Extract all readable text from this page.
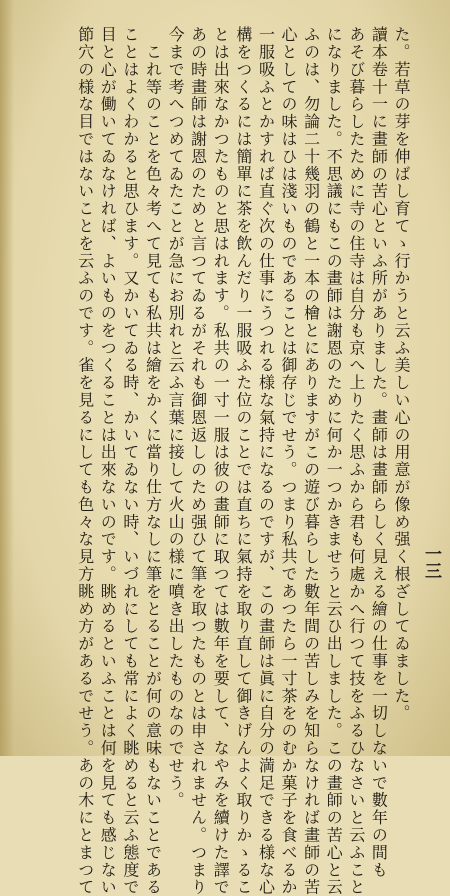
た。若草の芽を伸ばし育てゝ行かうと云ふ美しい心の用意が像め强く根ざしてゐました。
讀本卷十一に畫師の苦心といふ所がありました。畫師は畫師らしく見える繪の仕事を一切しないで數年の間も
あそび暮らしたために寺の住寺は自分も京へ上りたく思ふから君も何處かへ行つて技をふるひなさいと云ふこと
になりました。不思議にもこの畫師は謝恩のために何か一つかきませうと云ひ出しました。この畫師の苦心と云
ふのは、勿論二十幾羽の鶴と一本の檜とにありますがこの遊び暮らした數年間の苦しみを知らなければ畫師の苦
心としての味はひは淺いものであることは御存じでせう。つまり私共であつたら一寸茶をのむか菓子を食べるか
一服吸ふとかすれば直ぐ次の仕事にうつれる様な氣持になるのですが、この畫師は眞に自分の満足できる様な心
構をつくるには簡單に茶を飲んだり一服吸ふた位のことでは直ちに氣持を取り直して御きげんよく取りかゝるこ
とは出來なかつたものと思はれます。私共の一寸一服は彼の畫師に取つては數年を要して、なやみを續けた譯で
あの時畫師は謝恩のためと言つてゐるがそれも御恩返しのため强ひて筆を取つたものとは申されません。つまり
今まで考へつめてゐたことが急にお別れと云ふ言葉に接して火山の様に噴き出したものなのでせう。
　これ等のことを色々考へて見ても私共は繪をかくに當り仕方なしに筆をとることが何の意味もないことである
ことはよくわかると思ひます。又かいてゐる時、かいてゐない時、いづれにしても常によく眺めると云ふ態度で
目と心が働いてゐなければ、よいものをつくることは出來ないのです。眺めるといふことは何を見ても感じない
節穴の様な目ではないことを云ふのです。雀を見るにしても色々な見方眺め方があるでせう。あの木にとまつて	一三
